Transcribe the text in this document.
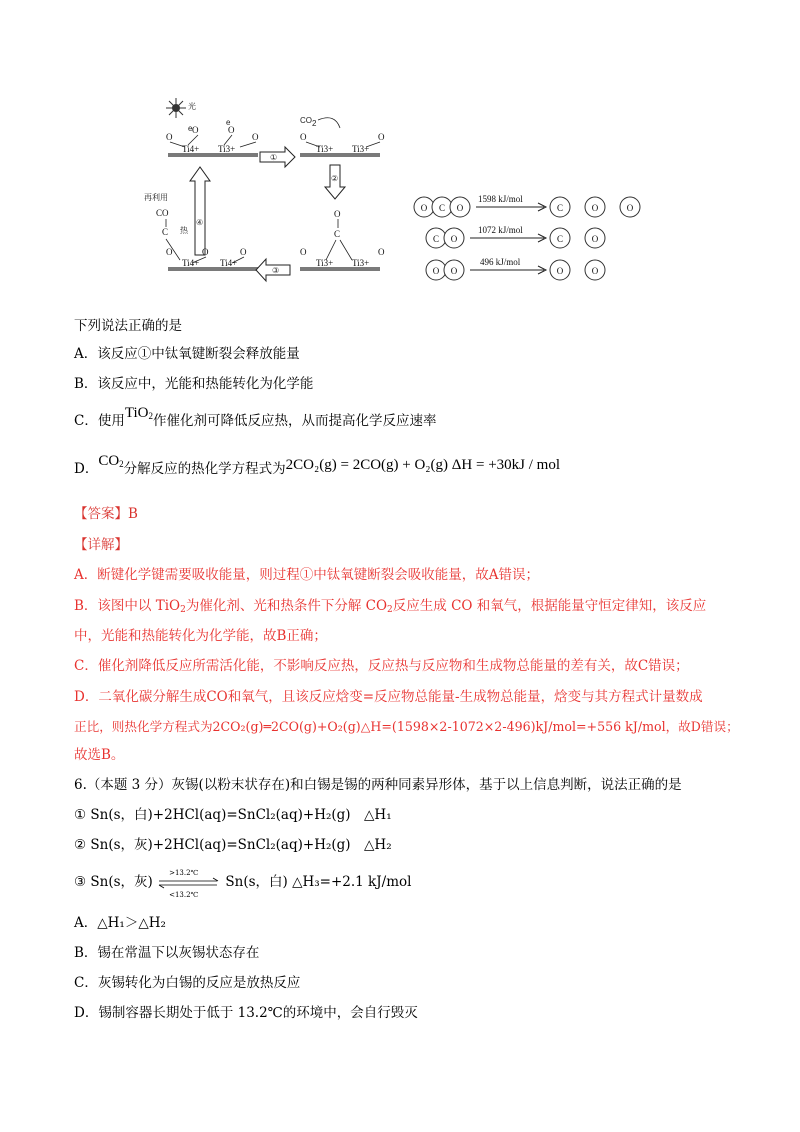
光
O
O	O
O
Ti4+ Ti3+
e
e	CO 2
O	O
Ti3+ Ti3+
①
②
③
④
O
C
O	O
Ti3+ Ti3+
再利用
CO
C 热
O	O	O
Ti4+ Ti4+
O C O	C	O	O
C O	C	O
O O	O	O
1598 kJ/mol
1072 kJ/mol
496 kJ/mol
下列说法正确的是
A．该反应①中钛氧键断裂会释放能量
B．该反应中，光能和热能转化为化学能
C．使用TiO$_2$作催化剂可降低反应热，从而提高化学反应速率
D．$CO_2$分解反应的热化学方程式为2CO₂(g) = 2CO(g) + O₂(g) ΔH = +30kJ / mol
【答案】B
【详解】
A．断键化学键需要吸收能量，则过程①中钛氧键断裂会吸收能量，故A错误；
B．该图中以 TiO$_2$为催化剂、光和热条件下分解 $CO_2$反应生成 CO 和氧气，根据能量守恒定律知，该反应
中，光能和热能转化为化学能，故B正确；
C．催化剂降低反应所需活化能，不影响反应热，反应热与反应物和生成物总能量的差有关，故C错误；
D．二氧化碳分解生成CO和氧气，且该反应焓变=反应物总能量-生成物总能量，焓变与其方程式计量数成
正比，则热化学方程式为2CO₂(g)═2CO(g)+O₂(g)△H=(1598×2-1072×2-496)kJ/mol=+556 kJ/mol，故D错误；
故选B。
6.（本题 3 分）灰锡(以粉末状存在)和白锡是锡的两种同素异形体，基于以上信息判断，说法正确的是
① Sn(s，白)+2HCl(aq)=SnCl₂(aq)+H₂(g)　△H₁
② Sn(s，灰)+2HCl(aq)=SnCl₂(aq)+H₂(g)　△H₂
③ Sn(s，灰)
>13.2℃
<13.2℃
Sn(s，白) △H₃=+2.1 kJ/mol
A．△H₁＞△H₂
B．锡在常温下以灰锡状态存在
C．灰锡转化为白锡的反应是放热反应
D．锡制容器长期处于低于 13.2℃的环境中，会自行毁灭
